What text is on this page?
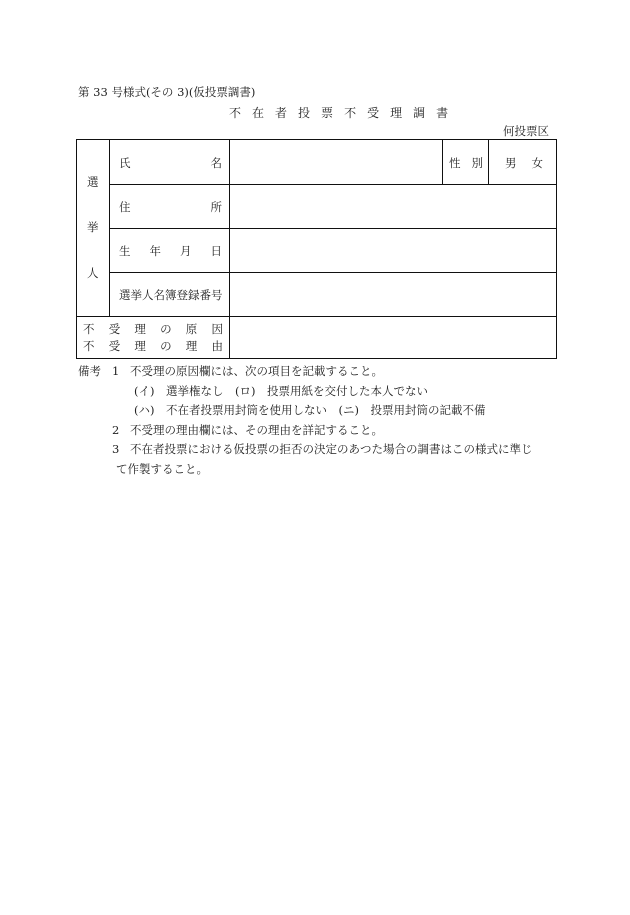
第 33 号様式(その 3)(仮投票調書)
不 在 者 投 票 不 受 理 調 書
何投票区
選
挙
人
氏	名
住	所
生 年 月 日
選挙人名簿登録番号
性 別 男 女
不 受 理 の 原 因
不 受 理 の 理 由
備考 1 不受理の原因欄には、次の項目を記載すること。
(イ)　選挙権なし　(ロ)　投票用紙を交付した本人でない
(ハ)　不在者投票用封筒を使用しない　(ニ)　投票用封筒の記載不備
2 不受理の理由欄には、その理由を詳記すること。
3 不在者投票における仮投票の拒否の決定のあつた場合の調書はこの様式に準じ
て作製すること。
